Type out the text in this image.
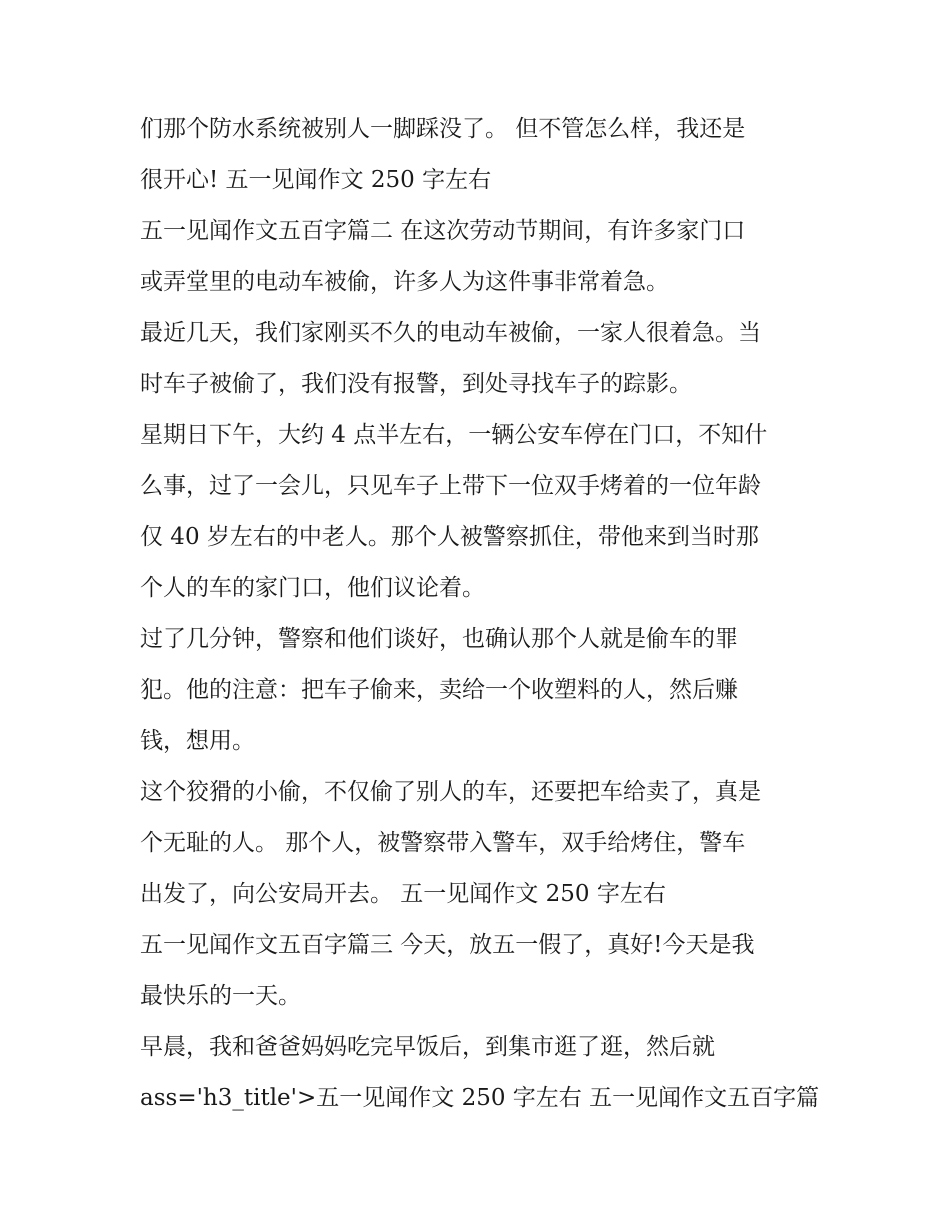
们那个防水系统被别人一脚踩没了。 但不管怎么样，我还是
很开心! 五一见闻作文 250 字左右
五一见闻作文五百字篇二 在这次劳动节期间，有许多家门口
或弄堂里的电动车被偷，许多人为这件事非常着急。
最近几天，我们家刚买不久的电动车被偷，一家人很着急。当
时车子被偷了，我们没有报警，到处寻找车子的踪影。
星期日下午，大约 4 点半左右，一辆公安车停在门口，不知什
么事，过了一会儿，只见车子上带下一位双手烤着的一位年龄
仅 40 岁左右的中老人。那个人被警察抓住，带他来到当时那
个人的车的家门口，他们议论着。
过了几分钟，警察和他们谈好，也确认那个人就是偷车的罪
犯。他的注意：把车子偷来，卖给一个收塑料的人，然后赚
钱，想用。
这个狡猾的小偷，不仅偷了别人的车，还要把车给卖了，真是
个无耻的人。 那个人，被警察带入警车，双手给烤住，警车
出发了，向公安局开去。 五一见闻作文 250 字左右
五一见闻作文五百字篇三 今天，放五一假了，真好!今天是我
最快乐的一天。
早晨，我和爸爸妈妈吃完早饭后，到集市逛了逛，然后就
ass='h3_title'>五一见闻作文 250 字左右 五一见闻作文五百字篇
